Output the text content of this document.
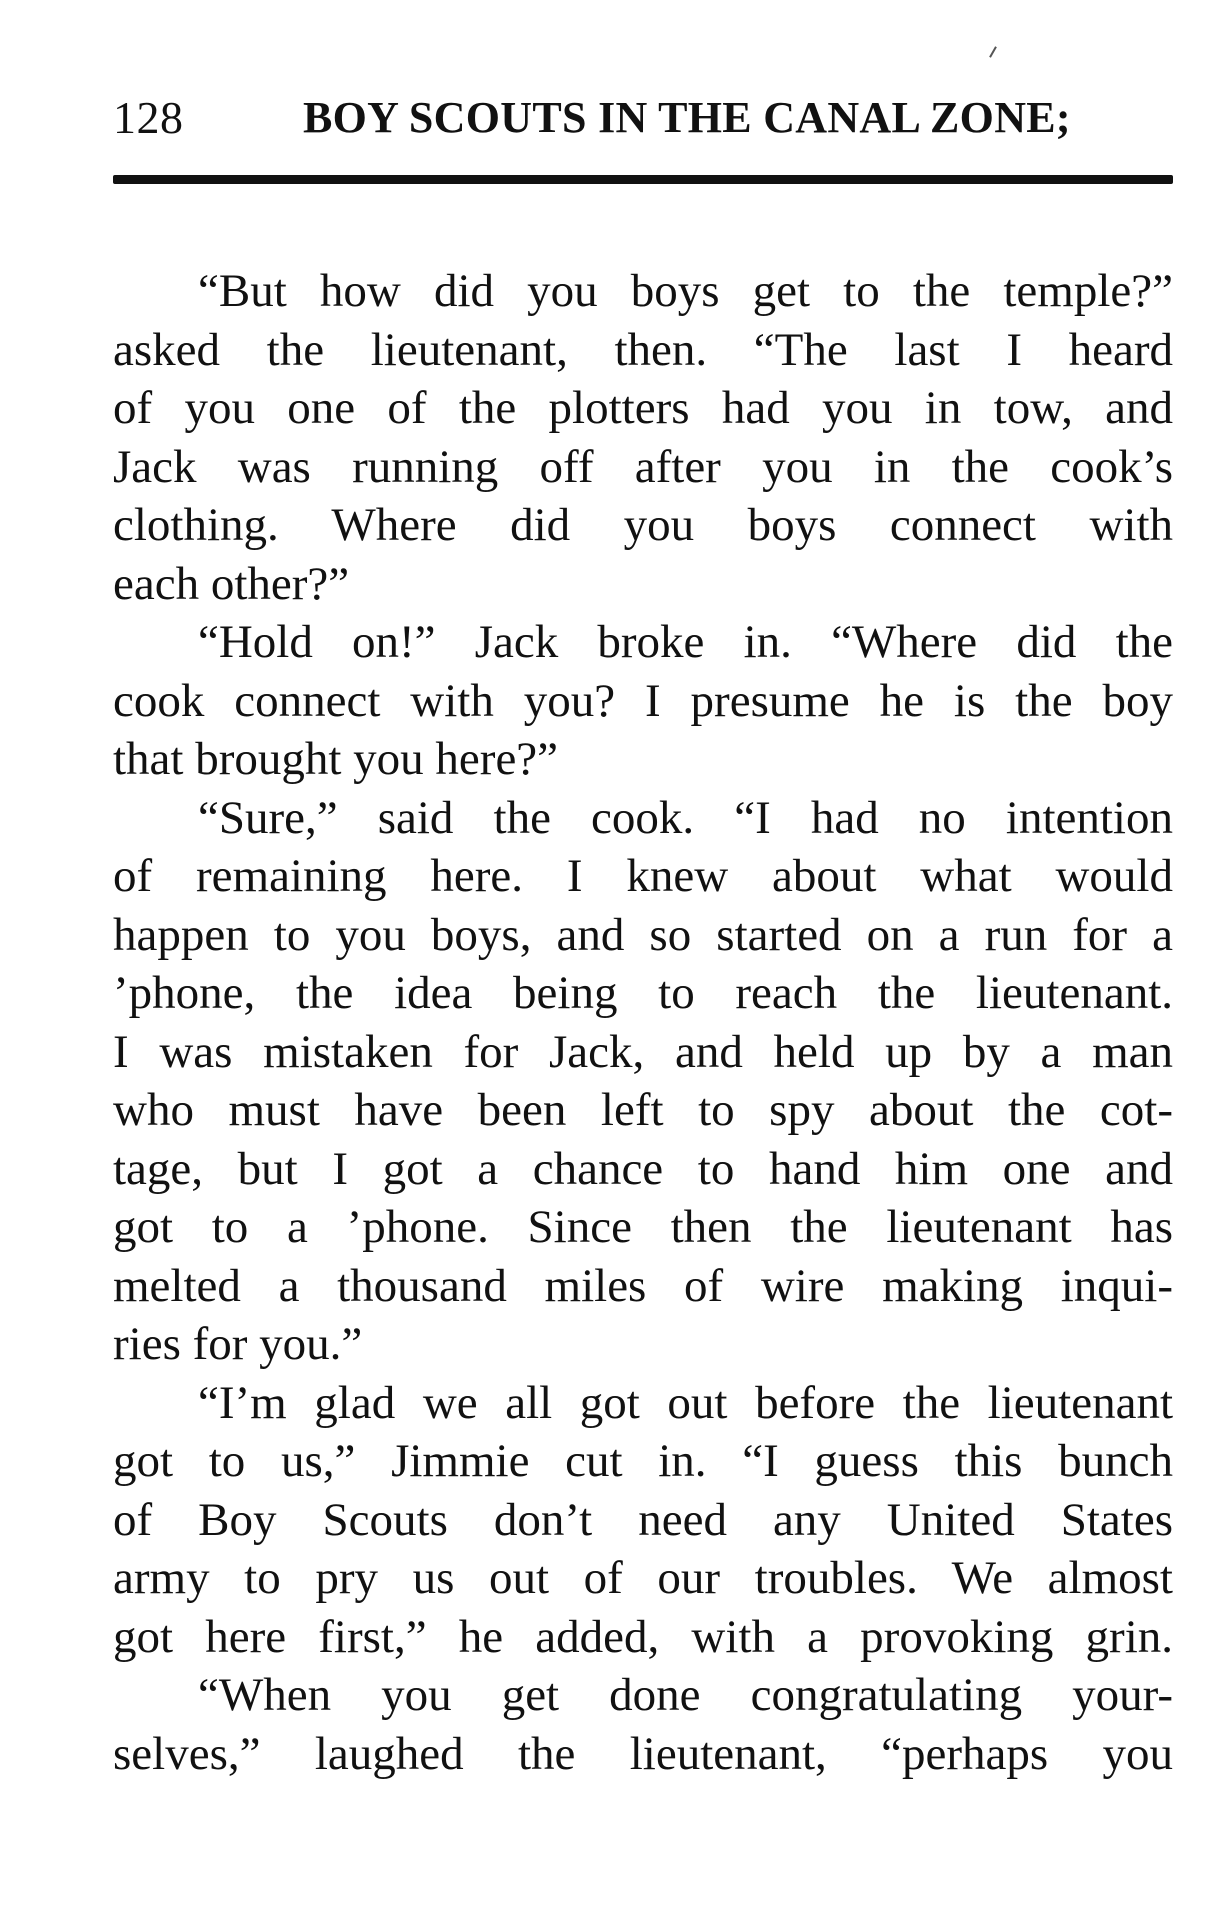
128	BOY SCOUTS IN THE CANAL ZONE;
“But how did you boys get to the temple?”
asked the lieutenant, then. “The last I heard
of you one of the plotters had you in tow, and
Jack was running off after you in the cook’s
clothing. Where did you boys connect with
each other?”
“Hold on!” Jack broke in. “Where did the
cook connect with you? I presume he is the boy
that brought you here?”
“Sure,” said the cook. “I had no intention
of remaining here. I knew about what would
happen to you boys, and so started on a run for a
’phone, the idea being to reach the lieutenant.
I was mistaken for Jack, and held up by a man
who must have been left to spy about the cot-
tage, but I got a chance to hand him one and
got to a ’phone. Since then the lieutenant has
melted a thousand miles of wire making inqui-
ries for you.”
“I’m glad we all got out before the lieutenant
got to us,” Jimmie cut in. “I guess this bunch
of Boy Scouts don’t need any United States
army to pry us out of our troubles. We almost
got here first,” he added, with a provoking grin.
“When you get done congratulating your-
selves,” laughed the lieutenant, “perhaps you
